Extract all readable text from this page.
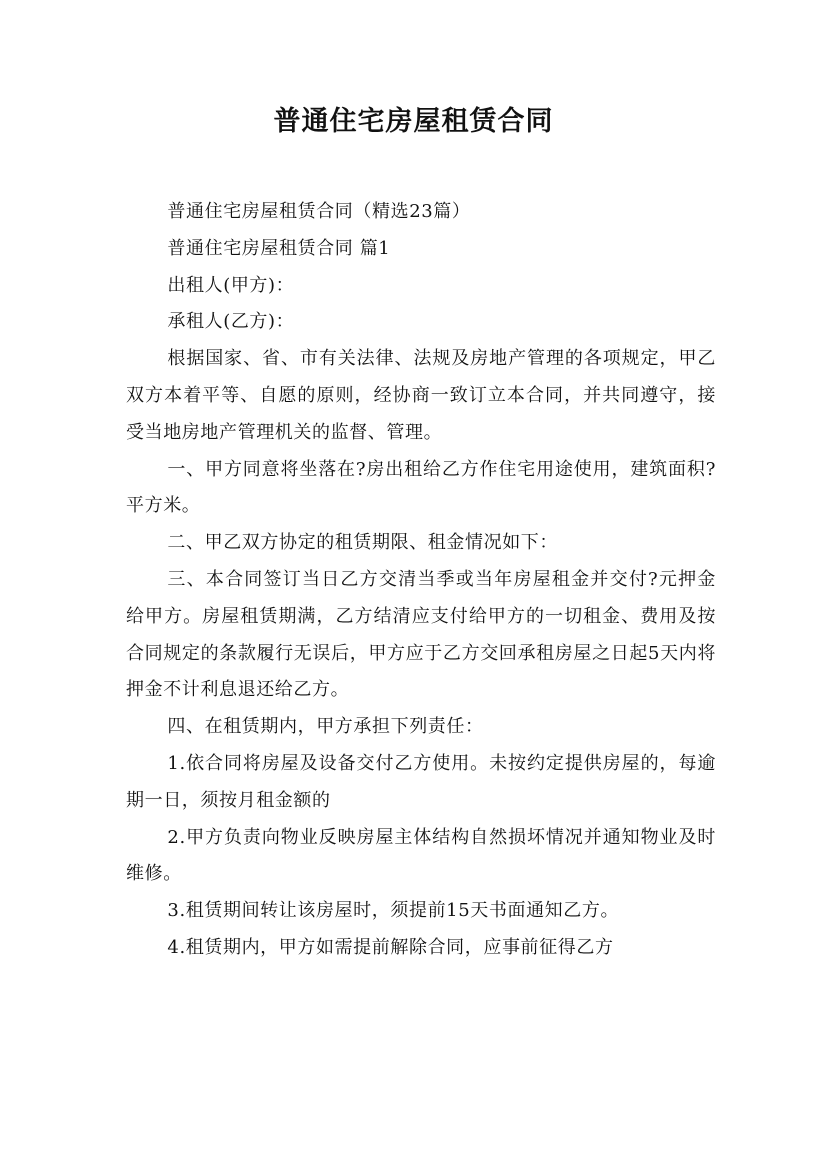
普通住宅房屋租赁合同

普通住宅房屋租赁合同（精选23篇）

普通住宅房屋租赁合同 篇1

出租人(甲方)：

承租人(乙方)：

根据国家、省、市有关法律、法规及房地产管理的各项规定，甲乙双方本着平等、自愿的原则，经协商一致订立本合同，并共同遵守，接受当地房地产管理机关的监督、管理。

一、甲方同意将坐落在?房出租给乙方作住宅用途使用，建筑面积?平方米。

二、甲乙双方协定的租赁期限、租金情况如下：

三、本合同签订当日乙方交清当季或当年房屋租金并交付?元押金给甲方。房屋租赁期满，乙方结清应支付给甲方的一切租金、费用及按合同规定的条款履行无误后，甲方应于乙方交回承租房屋之日起5天内将押金不计利息退还给乙方。

四、在租赁期内，甲方承担下列责任：

1.依合同将房屋及设备交付乙方使用。未按约定提供房屋的，每逾期一日，须按月租金额的

2.甲方负责向物业反映房屋主体结构自然损坏情况并通知物业及时维修。

3.租赁期间转让该房屋时，须提前15天书面通知乙方。

4.租赁期内，甲方如需提前解除合同，应事前征得乙方
